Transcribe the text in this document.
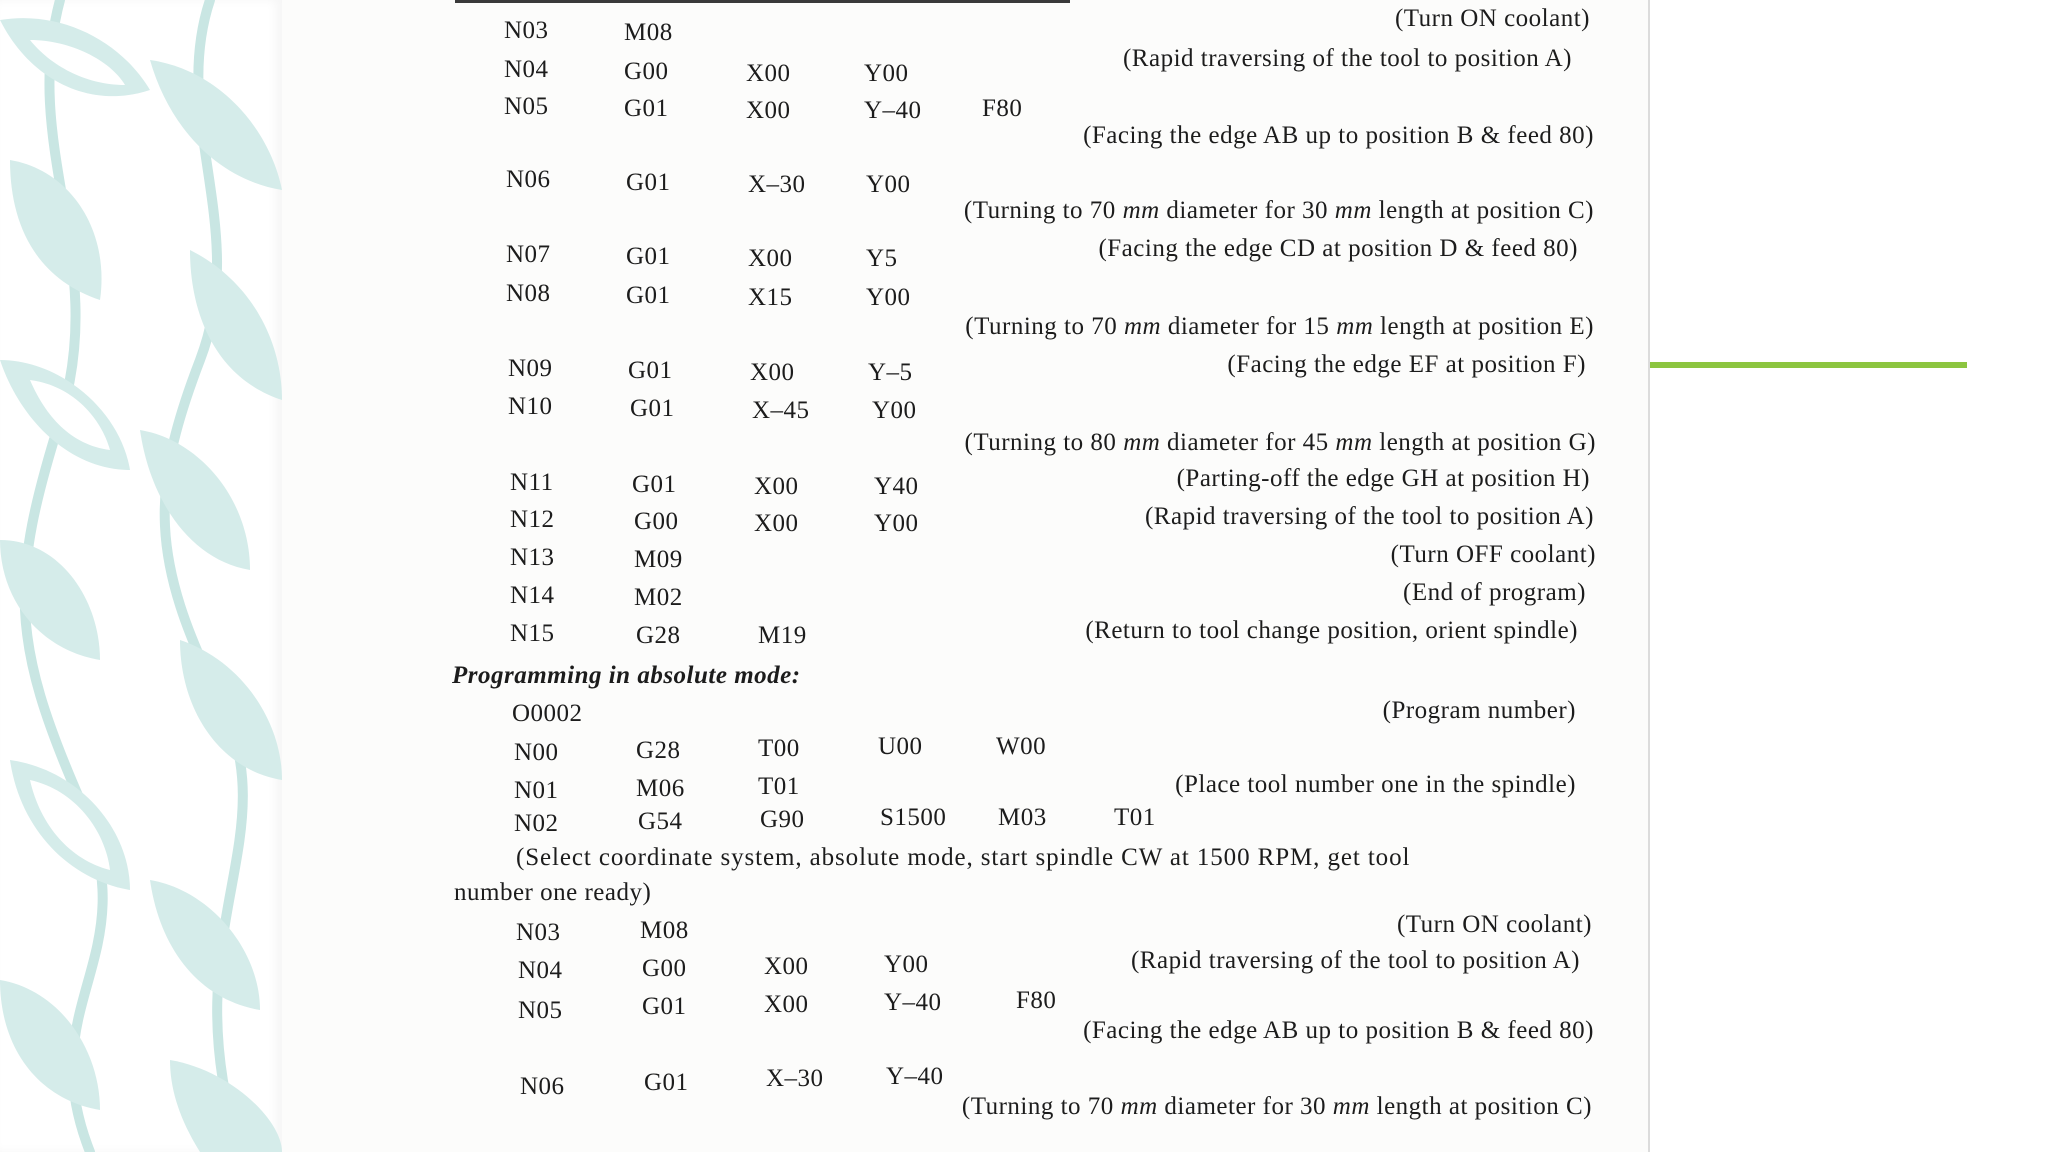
N03	M08
(Turn ON coolant)
N04	G00	X00	Y00
(Rapid traversing of the tool to position A)
N05	G01	X00	Y–40 F80
(Facing the edge AB up to position B & feed 80)
N06	G01	X–30 Y00
(Turning to 70 mm diameter for 30 mm length at position C)
N07	G01	X00	Y5	(Facing the edge CD at position D & feed 80)
N08	G01	X15	Y00
(Turning to 70 mm diameter for 15 mm length at position E)
N09	G01	X00	Y–5	(Facing the edge EF at position F)
N10	G01	X–45 Y00
(Turning to 80 mm diameter for 45 mm length at position G)
N11	G01	X00	Y40	(Parting-off the edge GH at position H)
N12	G00	X00	Y00	(Rapid traversing of the tool to position A)
N13	M09	(Turn OFF coolant)
N14	M02	(End of program)
N15	G28	M19	(Return to tool change position, orient spindle)
Programming in absolute mode:
O0002	(Program number)
N00	G28	T00	U00	W00
N01	M06	T01	(Place tool number one in the spindle)
N02	G54	G90	S1500 M03	T01
(Select coordinate system, absolute mode, start spindle CW at 1500 RPM, get tool
number one ready)
N03	M08	(Turn ON coolant)
N04	G00	X00	Y00	(Rapid traversing of the tool to position A)
N05	G01	X00	Y–40	F80
(Facing the edge AB up to position B & feed 80)
N06	G01	X–30 Y–40
(Turning to 70 mm diameter for 30 mm length at position C)
